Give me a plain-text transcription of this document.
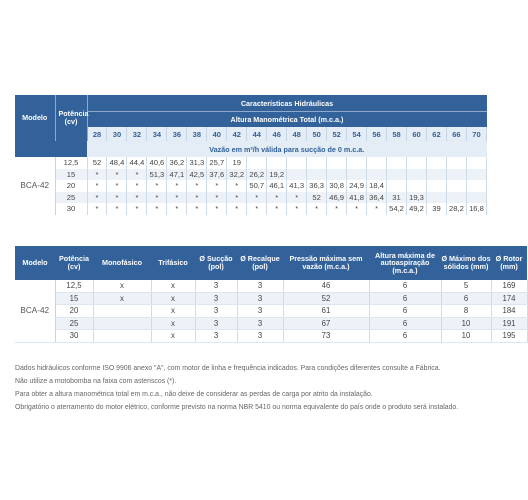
Modelo	Potência (cv)	Características Hidráulicas																			
		Altura Manométrica Total (m.c.a.)																			
		28	30	32	34	36	38	40	42	44	46	48	50	52	54	56	58	60	62	66	70
		Vazão em m³/h válida para sucção de 0 m.c.a.																			
BCA-42	12,5	52	48,4	44,4	40,6	36,2	31,3	25,7	19												
	15	*	*	*	51,3	47,1	42,5	37,6	32,2	26,2	19,2										
	20	*	*	*	*	*	*	*	*	50,7	46,1	41,3	36,3	30,8	24,9	18,4					
	25	*	*	*	*	*	*	*	*	*	*	*	52	46,9	41,8	36,4	31	19,3			
	30	*	*	*	*	*	*	*	*	*	*	*	*	*	*	*	54,2	49,2	39	28,2	16,8
Modelo	Potência (cv)	Monofásico	Trifásico	Ø Sucção (pol)	Ø Recalque (pol)	Pressão máxima sem vazão (m.c.a.)	Altura máxima de autoaspiração (m.c.a.)	Ø Máximo dos sólidos (mm)	Ø Rotor (mm)
BCA-42	12,5	x	x	3	3	46	6	5	169
	15	x	x	3	3	52	6	6	174
	20		x	3	3	61	6	8	184
	25		x	3	3	67	6	10	191
	30		x	3	3	73	6	10	195
Dados hidráulicos conforme ISO 9906 anexo "A", com motor de linha e frequência indicados. Para condições diferentes consulte a Fábrica.
Não utilize a motobomba na faixa com asteriscos (*).
Para obter a altura manométrica total em m.c.a., não deixe de considerar as perdas de carga por atrito da instalação.
Obrigatório o aterramento do motor elétrico, conforme previsto na norma NBR 5410 ou norma equivalente do país onde o produto será instalado.
